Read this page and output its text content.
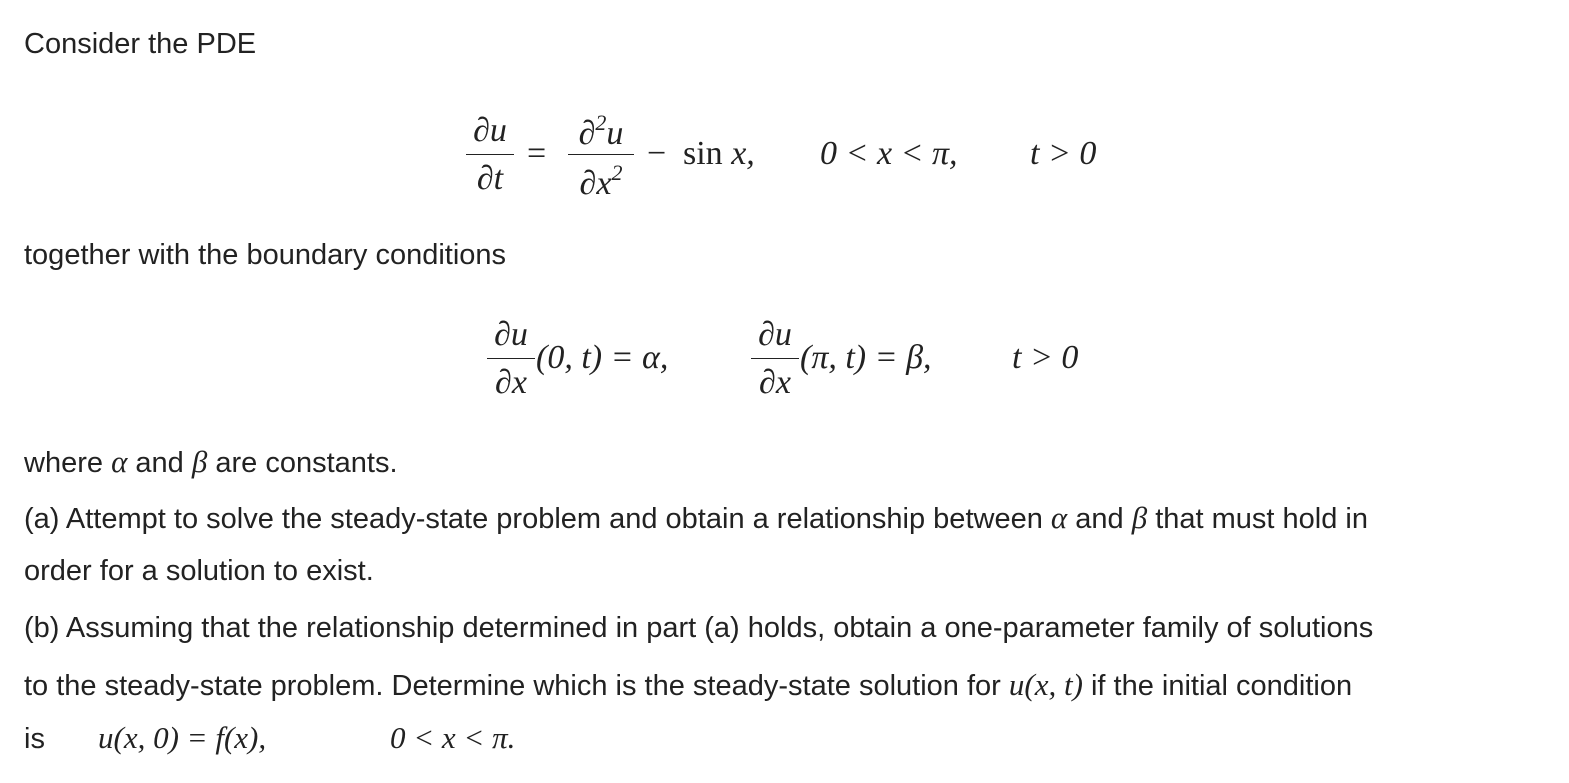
Consider the PDE
∂u
∂t
=
∂$^2$u
$\partial x^2$
− sin x, 0 < x < π, t > 0
together with the boundary conditions
∂u
∂x
(0, t) = α,
∂u
∂x
(π, t) = β, t > 0
where α and β are constants.
(a) Attempt to solve the steady-state problem and obtain a relationship between α and β that must hold in
order for a solution to exist.
(b) Assuming that the relationship determined in part (a) holds, obtain a one-parameter family of solutions
to the steady-state problem. Determine which is the steady-state solution for u(x, t) if the initial condition
is u(x, 0) = f(x),	0 < x < π.
